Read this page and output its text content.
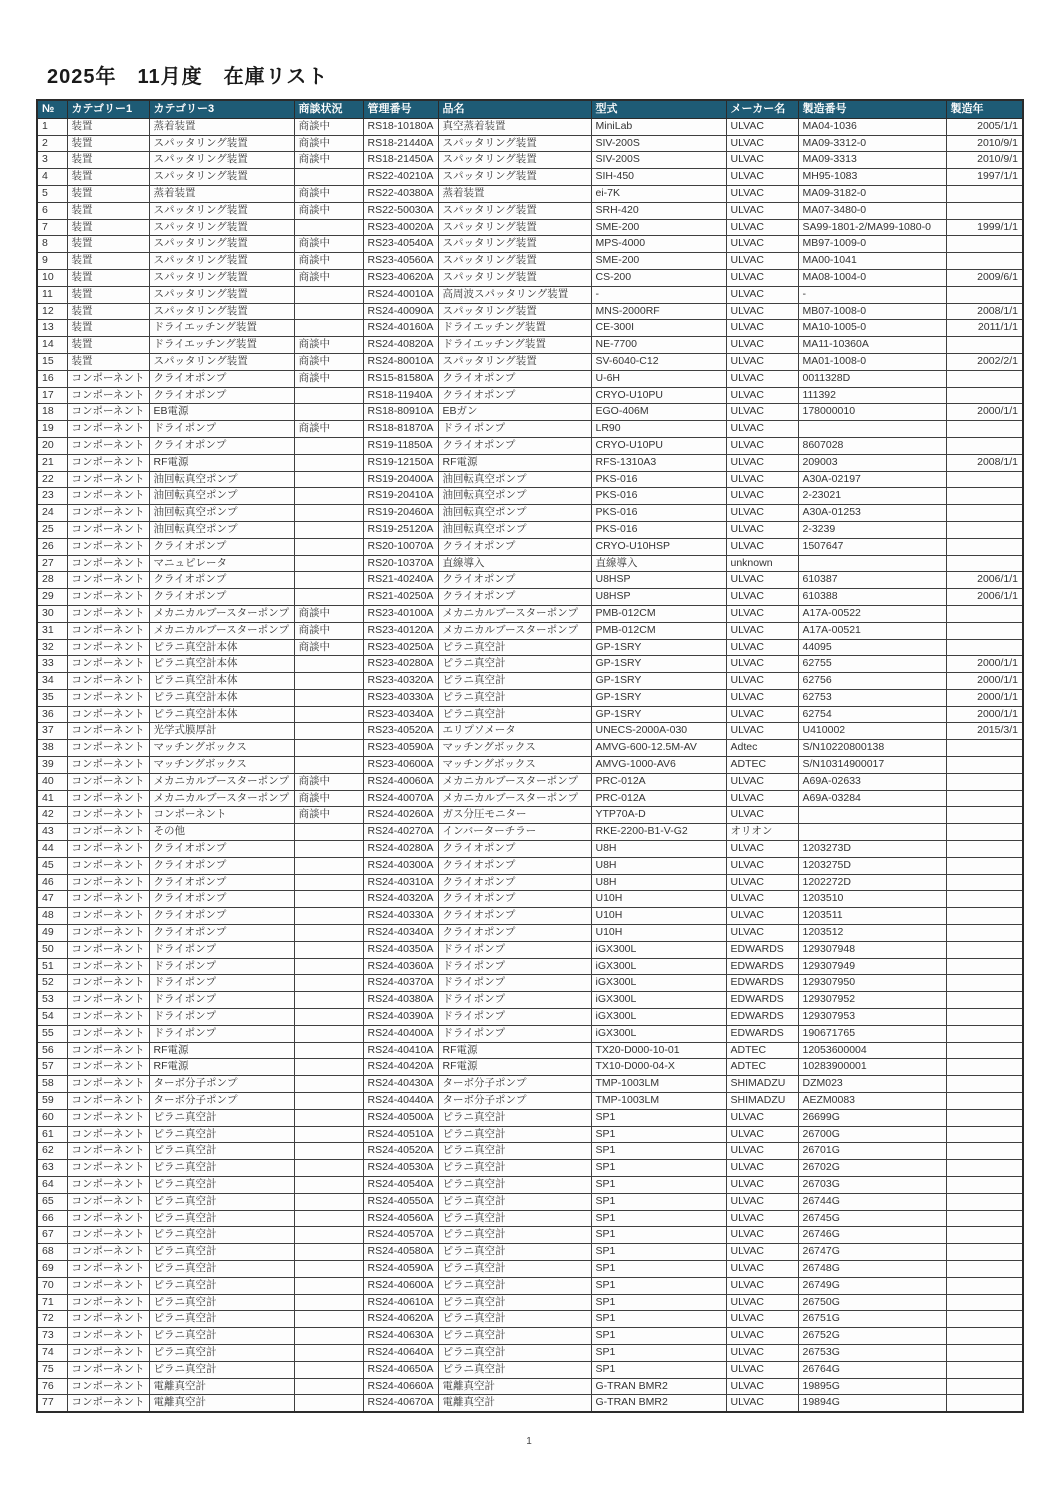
2025年　11月度　在庫リスト
№	カテゴリー1	カテゴリー3	商談状況	管理番号	品名	型式	メーカー名	製造番号	製造年
1	装置	蒸着装置	商談中	RS18-10180A	真空蒸着装置	MiniLab	ULVAC	MA04-1036	2005/1/1
2	装置	スパッタリング装置	商談中	RS18-21440A	スパッタリング装置	SIV-200S	ULVAC	MA09-3312-0	2010/9/1
3	装置	スパッタリング装置	商談中	RS18-21450A	スパッタリング装置	SIV-200S	ULVAC	MA09-3313	2010/9/1
4	装置	スパッタリング装置		RS22-40210A	スパッタリング装置	SIH-450	ULVAC	MH95-1083	1997/1/1
5	装置	蒸着装置	商談中	RS22-40380A	蒸着装置	ei-7K	ULVAC	MA09-3182-0	
6	装置	スパッタリング装置	商談中	RS22-50030A	スパッタリング装置	SRH-420	ULVAC	MA07-3480-0	
7	装置	スパッタリング装置		RS23-40020A	スパッタリング装置	SME-200	ULVAC	SA99-1801-2/MA99-1080-0	1999/1/1
8	装置	スパッタリング装置	商談中	RS23-40540A	スパッタリング装置	MPS-4000	ULVAC	MB97-1009-0	
9	装置	スパッタリング装置	商談中	RS23-40560A	スパッタリング装置	SME-200	ULVAC	MA00-1041	
10	装置	スパッタリング装置	商談中	RS23-40620A	スパッタリング装置	CS-200	ULVAC	MA08-1004-0	2009/6/1
11	装置	スパッタリング装置		RS24-40010A	高周波スパッタリング装置	-	ULVAC	-	
12	装置	スパッタリング装置		RS24-40090A	スパッタリング装置	MNS-2000RF	ULVAC	MB07-1008-0	2008/1/1
13	装置	ドライエッチング装置		RS24-40160A	ドライエッチング装置	CE-300I	ULVAC	MA10-1005-0	2011/1/1
14	装置	ドライエッチング装置	商談中	RS24-40820A	ドライエッチング装置	NE-7700	ULVAC	MA11-10360A	
15	装置	スパッタリング装置	商談中	RS24-80010A	スパッタリング装置	SV-6040-C12	ULVAC	MA01-1008-0	2002/2/1
16	コンポーネント	クライオポンプ	商談中	RS15-81580A	クライオポンプ	U-6H	ULVAC	0011328D	
17	コンポーネント	クライオポンプ		RS18-11940A	クライオポンプ	CRYO-U10PU	ULVAC	111392	
18	コンポーネント	EB電源		RS18-80910A	EBガン	EGO-406M	ULVAC	178000010	2000/1/1
19	コンポーネント	ドライポンプ	商談中	RS18-81870A	ドライポンプ	LR90	ULVAC		
20	コンポーネント	クライオポンプ		RS19-11850A	クライオポンプ	CRYO-U10PU	ULVAC	8607028	
21	コンポーネント	RF電源		RS19-12150A	RF電源	RFS-1310A3	ULVAC	209003	2008/1/1
22	コンポーネント	油回転真空ポンプ		RS19-20400A	油回転真空ポンプ	PKS-016	ULVAC	A30A-02197	
23	コンポーネント	油回転真空ポンプ		RS19-20410A	油回転真空ポンプ	PKS-016	ULVAC	2-23021	
24	コンポーネント	油回転真空ポンプ		RS19-20460A	油回転真空ポンプ	PKS-016	ULVAC	A30A-01253	
25	コンポーネント	油回転真空ポンプ		RS19-25120A	油回転真空ポンプ	PKS-016	ULVAC	2-3239	
26	コンポーネント	クライオポンプ		RS20-10070A	クライオポンプ	CRYO-U10HSP	ULVAC	1507647	
27	コンポーネント	マニュピレータ		RS20-10370A	直線導入	直線導入	unknown		
28	コンポーネント	クライオポンプ		RS21-40240A	クライオポンプ	U8HSP	ULVAC	610387	2006/1/1
29	コンポーネント	クライオポンプ		RS21-40250A	クライオポンプ	U8HSP	ULVAC	610388	2006/1/1
30	コンポーネント	メカニカルブースターポンプ	商談中	RS23-40100A	メカニカルブースターポンプ	PMB-012CM	ULVAC	A17A-00522	
31	コンポーネント	メカニカルブースターポンプ	商談中	RS23-40120A	メカニカルブースターポンプ	PMB-012CM	ULVAC	A17A-00521	
32	コンポーネント	ピラニ真空計本体	商談中	RS23-40250A	ピラニ真空計	GP-1SRY	ULVAC	44095	
33	コンポーネント	ピラニ真空計本体		RS23-40280A	ピラニ真空計	GP-1SRY	ULVAC	62755	2000/1/1
34	コンポーネント	ピラニ真空計本体		RS23-40320A	ピラニ真空計	GP-1SRY	ULVAC	62756	2000/1/1
35	コンポーネント	ピラニ真空計本体		RS23-40330A	ピラニ真空計	GP-1SRY	ULVAC	62753	2000/1/1
36	コンポーネント	ピラニ真空計本体		RS23-40340A	ピラニ真空計	GP-1SRY	ULVAC	62754	2000/1/1
37	コンポーネント	光学式膜厚計		RS23-40520A	エリプソメータ	UNECS-2000A-030	ULVAC	U410002	2015/3/1
38	コンポーネント	マッチングボックス		RS23-40590A	マッチングボックス	AMVG-600-12.5M-AV	Adtec	S/N10220800138	
39	コンポーネント	マッチングボックス		RS23-40600A	マッチングボックス	AMVG-1000-AV6	ADTEC	S/N10314900017	
40	コンポーネント	メカニカルブースターポンプ	商談中	RS24-40060A	メカニカルブースターポンプ	PRC-012A	ULVAC	A69A-02633	
41	コンポーネント	メカニカルブースターポンプ	商談中	RS24-40070A	メカニカルブースターポンプ	PRC-012A	ULVAC	A69A-03284	
42	コンポーネント	コンポーネント	商談中	RS24-40260A	ガス分圧モニター	YTP70A-D	ULVAC		
43	コンポーネント	その他		RS24-40270A	インバーターチラー	RKE-2200-B1-V-G2	オリオン		
44	コンポーネント	クライオポンプ		RS24-40280A	クライオポンプ	U8H	ULVAC	1203273D	
45	コンポーネント	クライオポンプ		RS24-40300A	クライオポンプ	U8H	ULVAC	1203275D	
46	コンポーネント	クライオポンプ		RS24-40310A	クライオポンプ	U8H	ULVAC	1202272D	
47	コンポーネント	クライオポンプ		RS24-40320A	クライオポンプ	U10H	ULVAC	1203510	
48	コンポーネント	クライオポンプ		RS24-40330A	クライオポンプ	U10H	ULVAC	1203511	
49	コンポーネント	クライオポンプ		RS24-40340A	クライオポンプ	U10H	ULVAC	1203512	
50	コンポーネント	ドライポンプ		RS24-40350A	ドライポンプ	iGX300L	EDWARDS	129307948	
51	コンポーネント	ドライポンプ		RS24-40360A	ドライポンプ	iGX300L	EDWARDS	129307949	
52	コンポーネント	ドライポンプ		RS24-40370A	ドライポンプ	iGX300L	EDWARDS	129307950	
53	コンポーネント	ドライポンプ		RS24-40380A	ドライポンプ	iGX300L	EDWARDS	129307952	
54	コンポーネント	ドライポンプ		RS24-40390A	ドライポンプ	iGX300L	EDWARDS	129307953	
55	コンポーネント	ドライポンプ		RS24-40400A	ドライポンプ	iGX300L	EDWARDS	190671765	
56	コンポーネント	RF電源		RS24-40410A	RF電源	TX20-D000-10-01	ADTEC	12053600004	
57	コンポーネント	RF電源		RS24-40420A	RF電源	TX10-D000-04-X	ADTEC	10283900001	
58	コンポーネント	ターボ分子ポンプ		RS24-40430A	ターボ分子ポンプ	TMP-1003LM	SHIMADZU	DZM023	
59	コンポーネント	ターボ分子ポンプ		RS24-40440A	ターボ分子ポンプ	TMP-1003LM	SHIMADZU	AEZM0083	
60	コンポーネント	ピラニ真空計		RS24-40500A	ピラニ真空計	SP1	ULVAC	26699G	
61	コンポーネント	ピラニ真空計		RS24-40510A	ピラニ真空計	SP1	ULVAC	26700G	
62	コンポーネント	ピラニ真空計		RS24-40520A	ピラニ真空計	SP1	ULVAC	26701G	
63	コンポーネント	ピラニ真空計		RS24-40530A	ピラニ真空計	SP1	ULVAC	26702G	
64	コンポーネント	ピラニ真空計		RS24-40540A	ピラニ真空計	SP1	ULVAC	26703G	
65	コンポーネント	ピラニ真空計		RS24-40550A	ピラニ真空計	SP1	ULVAC	26744G	
66	コンポーネント	ピラニ真空計		RS24-40560A	ピラニ真空計	SP1	ULVAC	26745G	
67	コンポーネント	ピラニ真空計		RS24-40570A	ピラニ真空計	SP1	ULVAC	26746G	
68	コンポーネント	ピラニ真空計		RS24-40580A	ピラニ真空計	SP1	ULVAC	26747G	
69	コンポーネント	ピラニ真空計		RS24-40590A	ピラニ真空計	SP1	ULVAC	26748G	
70	コンポーネント	ピラニ真空計		RS24-40600A	ピラニ真空計	SP1	ULVAC	26749G	
71	コンポーネント	ピラニ真空計		RS24-40610A	ピラニ真空計	SP1	ULVAC	26750G	
72	コンポーネント	ピラニ真空計		RS24-40620A	ピラニ真空計	SP1	ULVAC	26751G	
73	コンポーネント	ピラニ真空計		RS24-40630A	ピラニ真空計	SP1	ULVAC	26752G	
74	コンポーネント	ピラニ真空計		RS24-40640A	ピラニ真空計	SP1	ULVAC	26753G	
75	コンポーネント	ピラニ真空計		RS24-40650A	ピラニ真空計	SP1	ULVAC	26764G	
76	コンポーネント	電離真空計		RS24-40660A	電離真空計	G-TRAN BMR2	ULVAC	19895G	
77	コンポーネント	電離真空計		RS24-40670A	電離真空計	G-TRAN BMR2	ULVAC	19894G	
1
